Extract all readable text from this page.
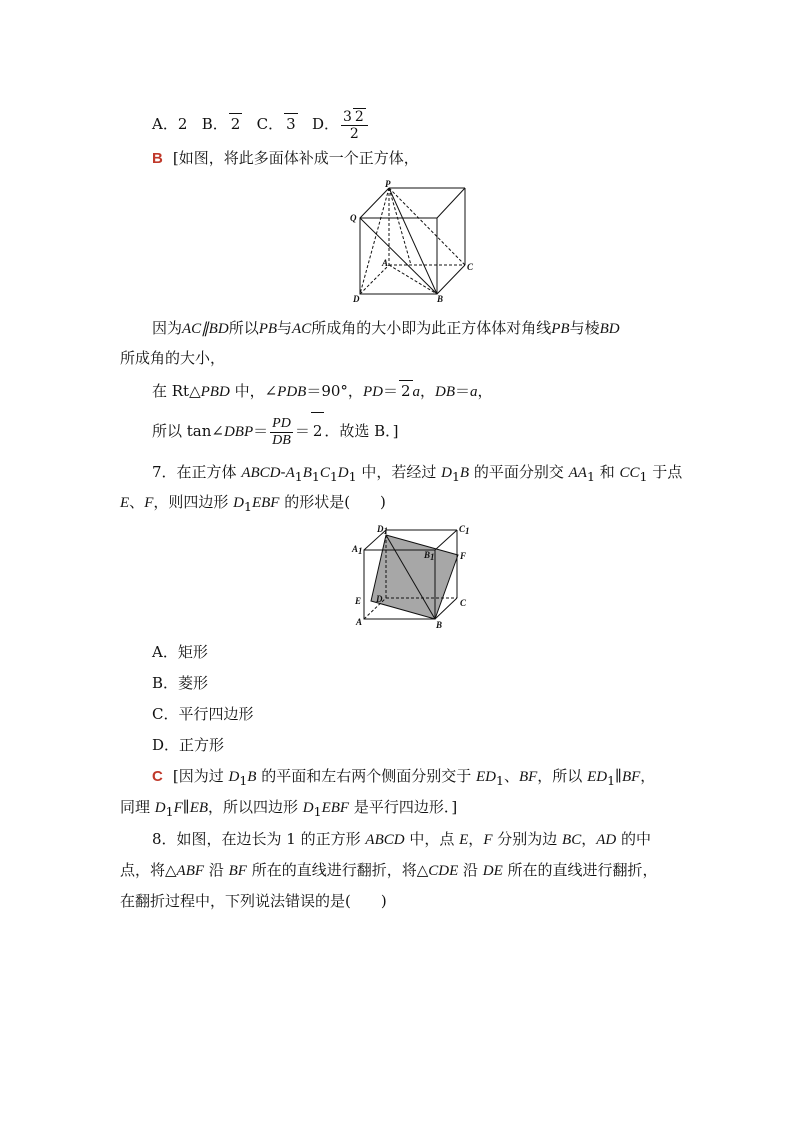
A．2 B． 2 C． 3 D． $\frac{3 2}{2}$
B [如图，将此多面体补成一个正方体，
P
Q
A	C
D	B
因为AC∥BD所以PB与AC所成角的大小即为此正方体体对角线PB与棱BD
所成角的大小，
在 Rt△PBD 中，∠PDB＝90°，PD＝ 2 a，DB＝a，
所以 tan∠DBP＝ $\frac{PD}{DB} = 2$ ．故选 B．]
7．在正方体 ABCD-$A_1B_1C_1D_1$ 中，若经过 $D_1B$ 的平面分别交 $AA_1$ 和 $CC_1$ 于点
E、F，则四边形 $D_1EBF$ 的形状是(　　)
D1	C1
A1	B1	F
E D	C
A	B
A．矩形
B．菱形
C．平行四边形
D．正方形
C [因为过 $D_1B$ 的平面和左右两个侧面分别交于 $ED_1$、BF，所以 $ED_1\parallel BF$，
同理 $D_1F\parallel EB$，所以四边形 $D_1EBF$ 是平行四边形．]
8．如图，在边长为 1 的正方形 ABCD 中，点 E，F 分别为边 BC，AD 的中
点，将△ABF 沿 BF 所在的直线进行翻折，将△CDE 沿 DE 所在的直线进行翻折，
在翻折过程中，下列说法错误的是(　　)
